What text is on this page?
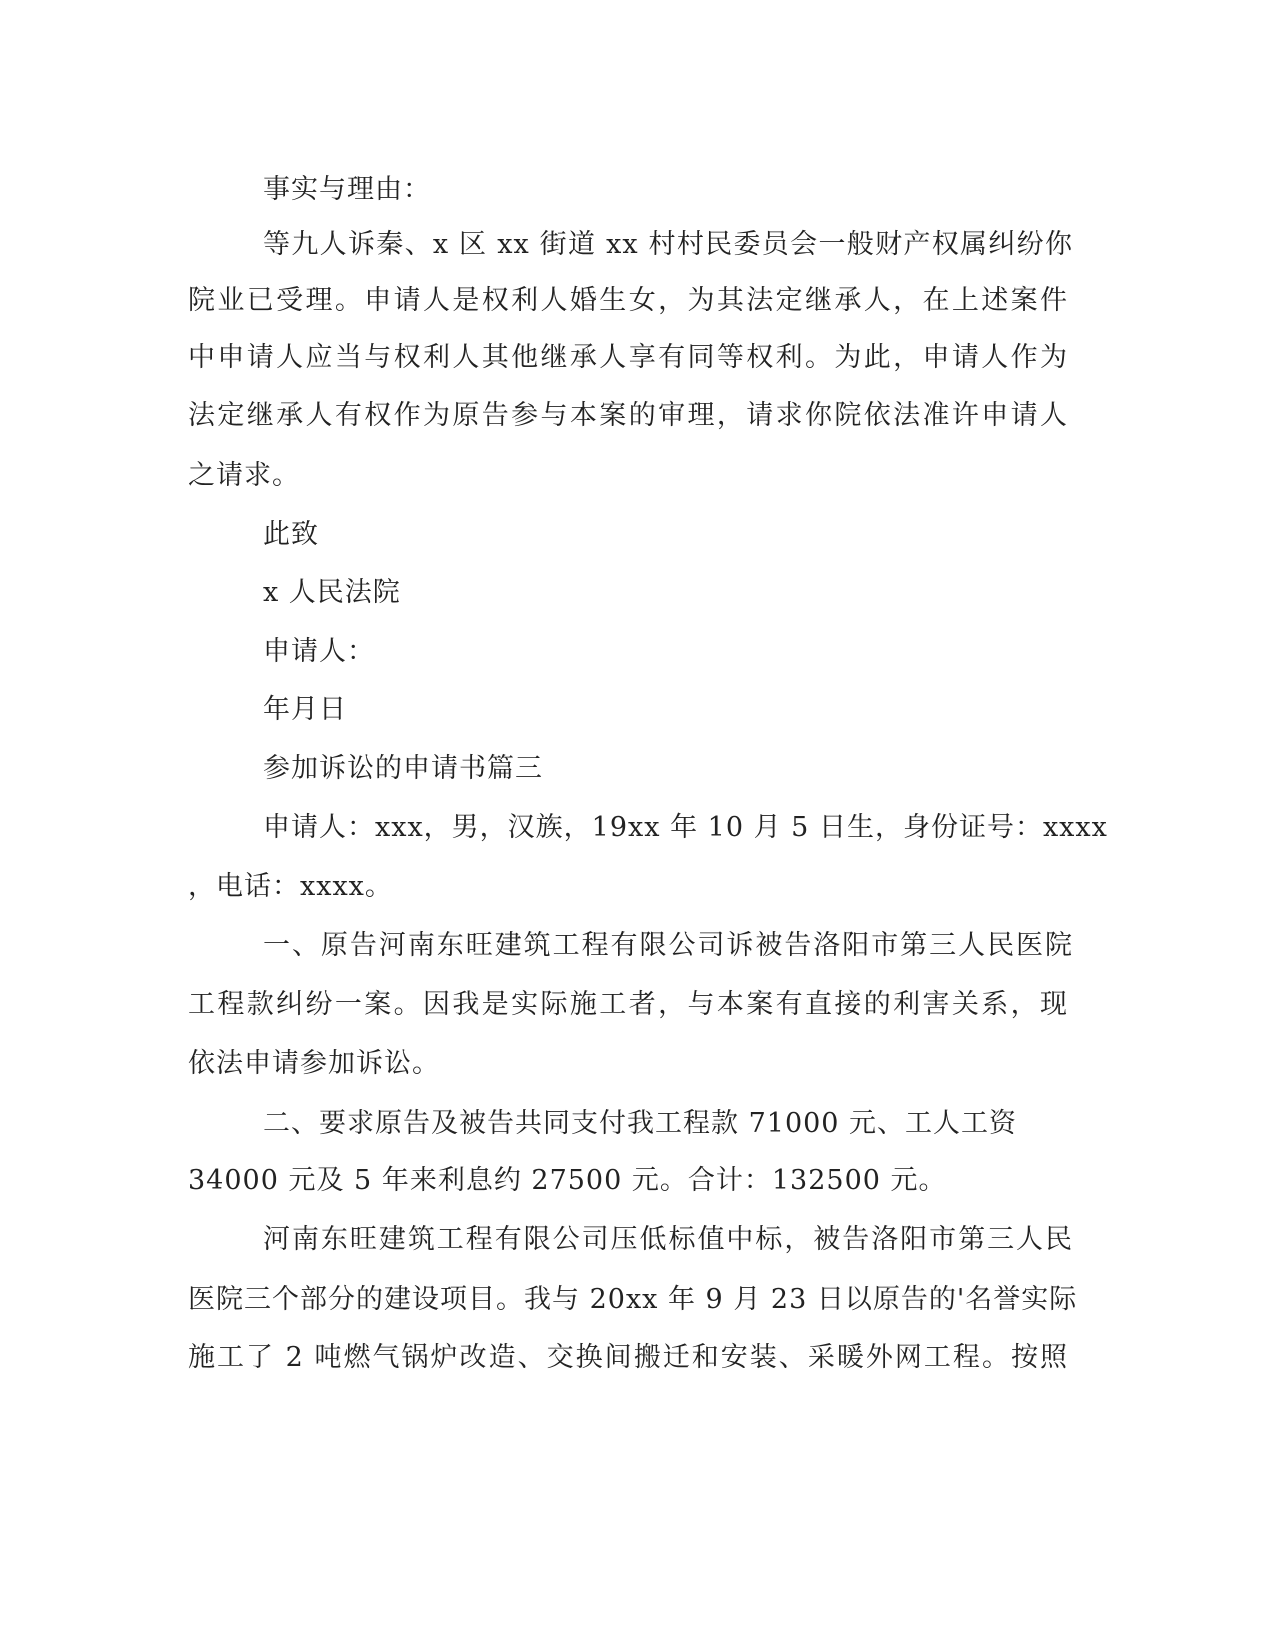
事实与理由：
等九人诉秦、x 区 xx 街道 xx 村村民委员会一般财产权属纠纷你
院业已受理。申请人是权利人婚生女，为其法定继承人，在上述案件
中申请人应当与权利人其他继承人享有同等权利。为此，申请人作为
法定继承人有权作为原告参与本案的审理，请求你院依法准许申请人
之请求。
此致
x 人民法院
申请人：
年月日
参加诉讼的申请书篇三
申请人：xxx，男，汉族，19xx 年 10 月 5 日生，身份证号：xxxx
，电话：xxxx。
一、原告河南东旺建筑工程有限公司诉被告洛阳市第三人民医院
工程款纠纷一案。因我是实际施工者，与本案有直接的利害关系，现
依法申请参加诉讼。
二、要求原告及被告共同支付我工程款 71000 元、工人工资
34000 元及 5 年来利息约 27500 元。合计：132500 元。
河南东旺建筑工程有限公司压低标值中标，被告洛阳市第三人民
医院三个部分的建设项目。我与 20xx 年 9 月 23 日以原告的'名誉实际
施工了 2 吨燃气锅炉改造、交换间搬迁和安装、采暖外网工程。按照
